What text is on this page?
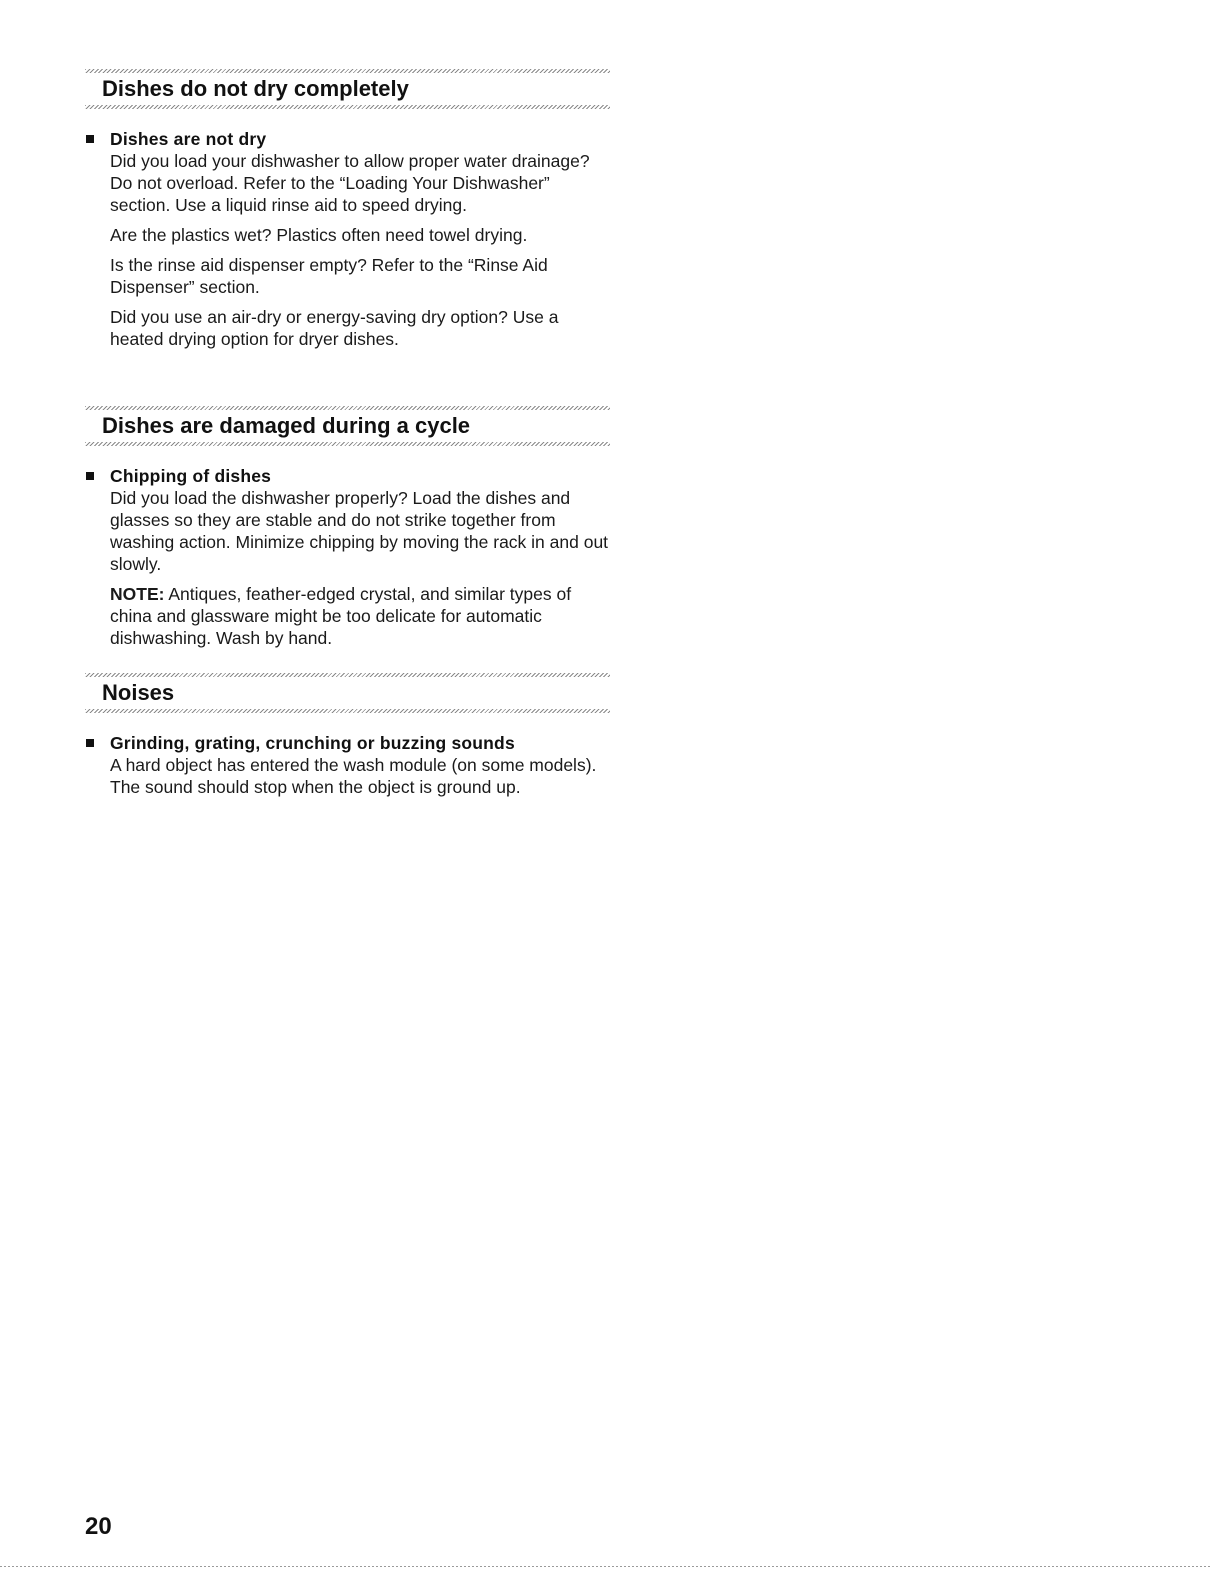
Dishes do not dry completely
Dishes are not dry

Did you load your dishwasher to allow proper water drainage? Do not overload. Refer to the “Loading Your Dishwasher” section. Use a liquid rinse aid to speed drying.

Are the plastics wet? Plastics often need towel drying.

Is the rinse aid dispenser empty? Refer to the “Rinse Aid Dispenser” section.

Did you use an air-dry or energy-saving dry option? Use a heated drying option for dryer dishes.

Dishes are damaged during a cycle
Chipping of dishes

Did you load the dishwasher properly? Load the dishes and glasses so they are stable and do not strike together from washing action. Minimize chipping by moving the rack in and out slowly.

NOTE: Antiques, feather-edged crystal, and similar types of china and glassware might be too delicate for automatic dishwashing. Wash by hand.

Noises
Grinding, grating, crunching or buzzing sounds

A hard object has entered the wash module (on some models). The sound should stop when the object is ground up.

20
